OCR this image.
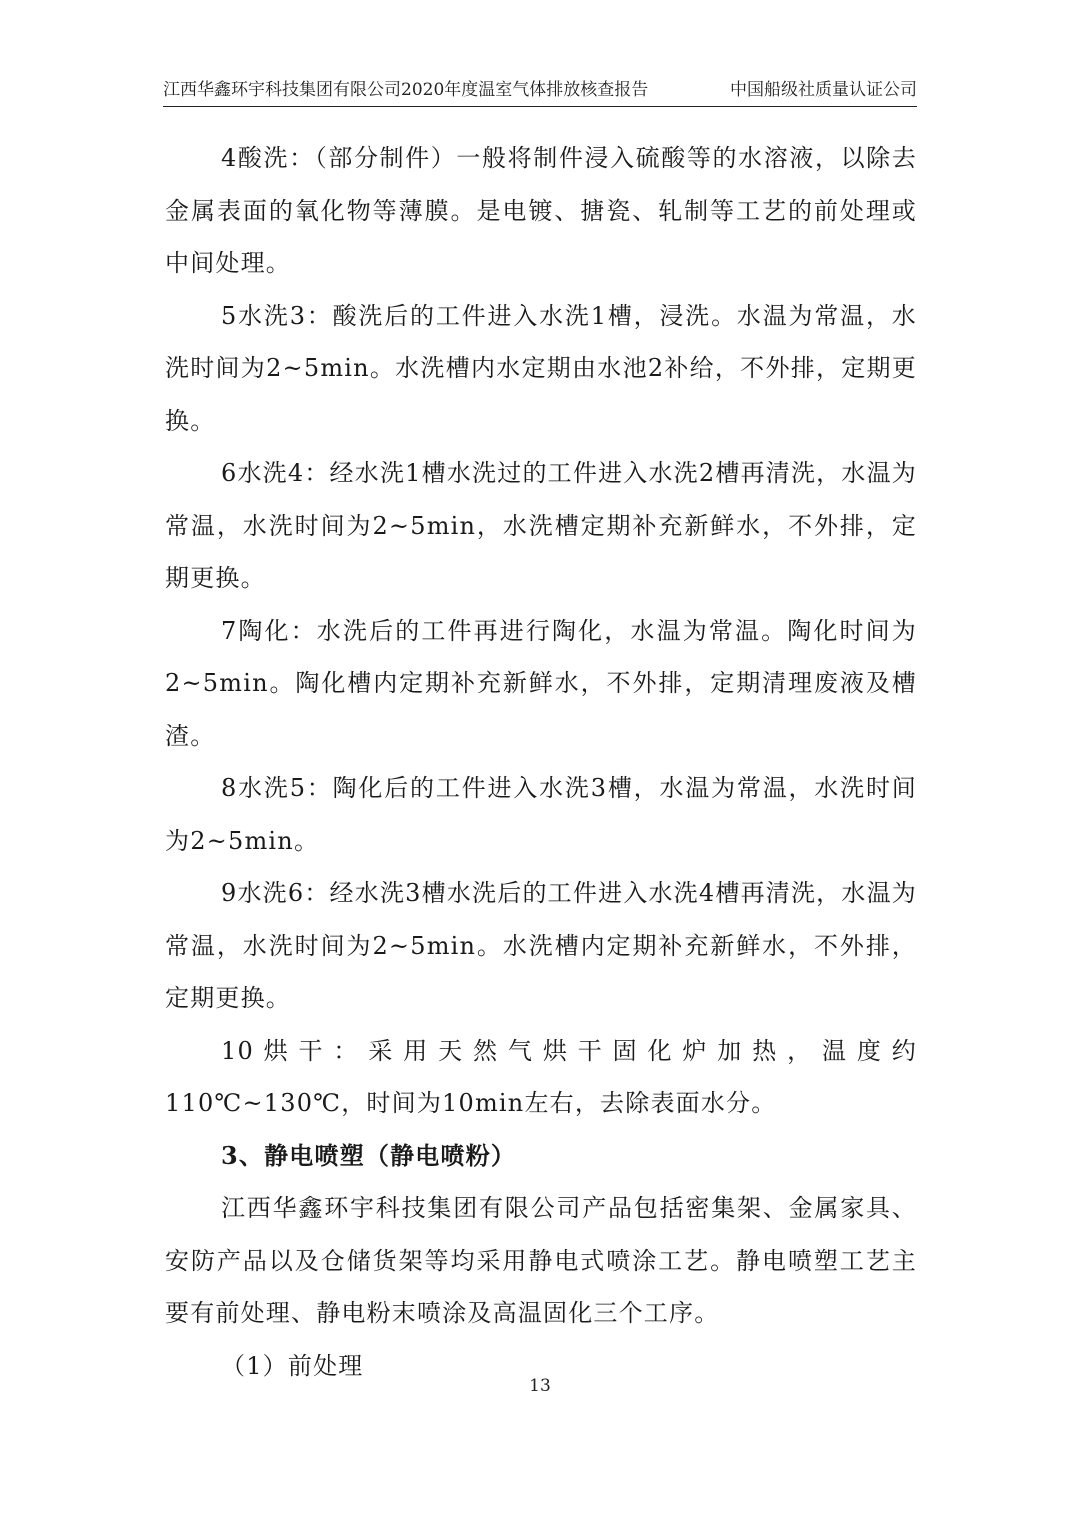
江西华鑫环宇科技集团有限公司2020年度温室气体排放核查报告	中国船级社质量认证公司

4酸洗：（部分制件）一般将制件浸入硫酸等的水溶液，以除去金属表面的氧化物等薄膜。是电镀、搪瓷、轧制等工艺的前处理或中间处理。

5水洗3：酸洗后的工件进入水洗1槽，浸洗。水温为常温，水洗时间为2~5min。水洗槽内水定期由水池2补给，不外排，定期更换。

6水洗4：经水洗1槽水洗过的工件进入水洗2槽再清洗，水温为常温，水洗时间为2~5min，水洗槽定期补充新鲜水，不外排，定期更换。

7陶化：水洗后的工件再进行陶化，水温为常温。陶化时间为2~5min。陶化槽内定期补充新鲜水，不外排，定期清理废液及槽渣。

8水洗5：陶化后的工件进入水洗3槽，水温为常温，水洗时间为2~5min。

9水洗6：经水洗3槽水洗后的工件进入水洗4槽再清洗，水温为常温，水洗时间为2~5min。水洗槽内定期补充新鲜水，不外排，定期更换。

10烘干：采用天然气烘干固化炉加热，温度约110℃~130℃，时间为10min左右，去除表面水分。

3、静电喷塑（静电喷粉）

江西华鑫环宇科技集团有限公司产品包括密集架、金属家具、安防产品以及仓储货架等均采用静电式喷涂工艺。静电喷塑工艺主要有前处理、静电粉末喷涂及高温固化三个工序。

（1）前处理

13
